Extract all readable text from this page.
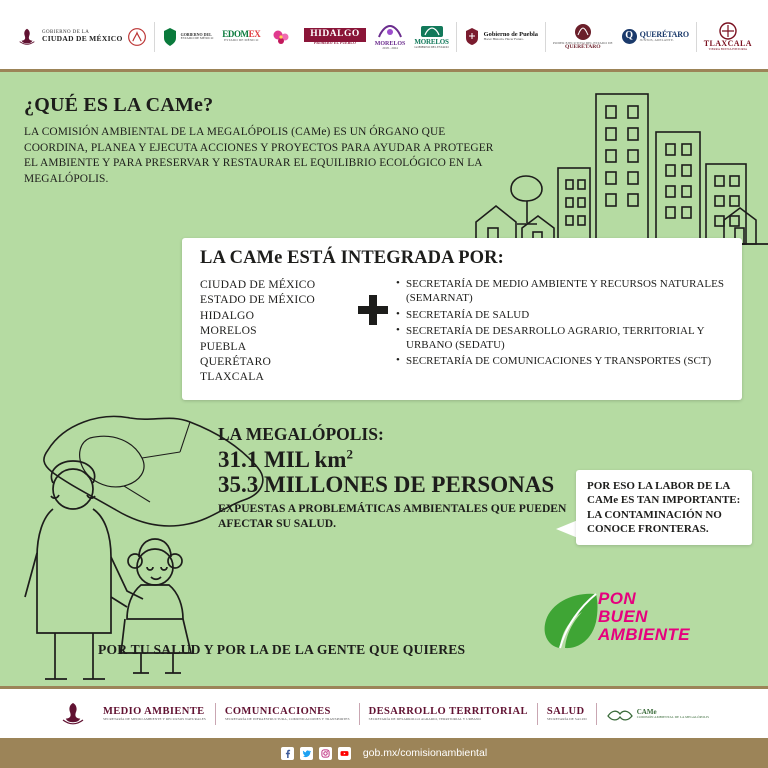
GOBIERNO DE LA
CIUDAD DE MÉXICO	GOBIERNO DEL
ESTADO DE MÉXICO EDOMEX
ESTADO DE MÉXICO
HIDALGO
PRIMERO EL PUEBLO	MORELOS
2018 - 2024
MORELOS
GOBIERNO DEL ESTADO
Gobierno de Puebla
Hacer Historia. Hacer Futuro.
PODER EJECUTIVO DEL ESTADO DE
QUERÉTARO
Q QUERÉTARO
JUNTOS, ADELANTE.	TLAXCALA
TIERRA BUENA HISTORIA
¿QUÉ ES LA CAMe?
LA COMISIÓN AMBIENTAL DE LA MEGALÓPOLIS (CAMe) ES UN ÓRGANO QUE COORDINA, PLANEA Y EJECUTA ACCIONES Y PROYECTOS PARA AYUDAR A PROTEGER EL AMBIENTE Y PARA PRESERVAR Y RESTAURAR EL EQUILIBRIO ECOLÓGICO EN LA MEGALÓPOLIS.
LA CAMe ESTÁ INTEGRADA POR:
CIUDAD DE MÉXICO
ESTADO DE MÉXICO
HIDALGO
MORELOS
PUEBLA
QUERÉTARO
TLAXCALA
• SECRETARÍA DE MEDIO AMBIENTE Y RECURSOS NATURALES (SEMARNAT)
• SECRETARÍA DE SALUD
• SECRETARÍA DE DESARROLLO AGRARIO, TERRITORIAL Y URBANO (SEDATU)
• SECRETARÍA DE COMUNICACIONES Y TRANSPORTES (SCT)
LA MEGALÓPOLIS:
31.1 MIL $km^2$
35.3 MILLONES DE PERSONAS
EXPUESTAS A PROBLEMÁTICAS AMBIENTALES QUE PUEDEN AFECTAR SU SALUD.
POR ESO LA LABOR DE LA CAMe ES TAN IMPORTANTE: LA CONTAMINACIÓN NO CONOCE FRONTERAS.
POR TU SALUD Y POR LA DE LA GENTE QUE QUIERES
PON
BUEN
AMBIENTE
MEDIO AMBIENTE
SECRETARÍA DE MEDIO AMBIENTE Y RECURSOS NATURALES
COMUNICACIONES
SECRETARÍA DE INFRAESTRUCTURA, COMUNICACIONES Y TRANSPORTES
DESARROLLO TERRITORIAL
SECRETARÍA DE DESARROLLO AGRARIO, TERRITORIAL Y URBANO
SALUD
SECRETARÍA DE SALUD
CAMe
COMISIÓN AMBIENTAL DE LA MEGALÓPOLIS
gob.mx/comisionambiental
